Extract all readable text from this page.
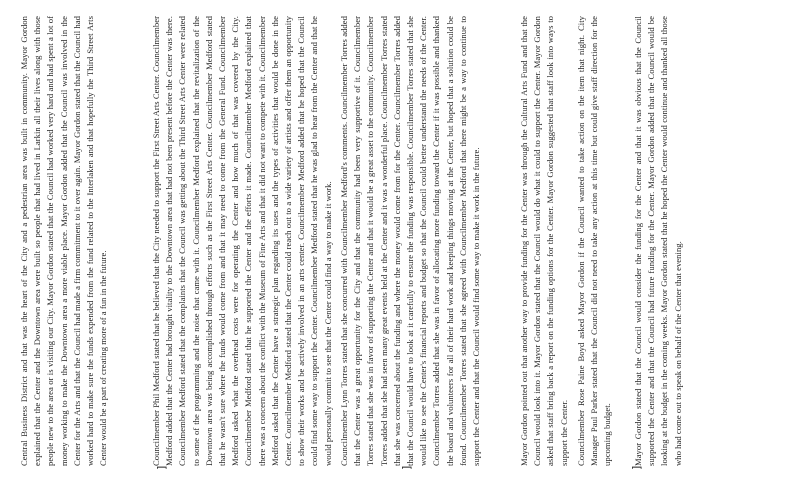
Central Business District and that was the heart of the City and a pedestrian area was built in community. Mayor Gordon explained that the Center and the Downtown area were built so people that had lived in Larkin all their lives along with those people new to the area or is visiting our City. Mayor Gordon stated that the Council had worked very hard and had spent a lot of money working to make the Downtown area a more viable place. Mayor Gordon added that the Council was involved in the Center for the Arts and that the Council had made a firm commitment to it over again. Mayor Gordon stated that the Council had worked hard to make sure the funds expended from the fund related to the Interlaken and that hopefully the Third Street Arts Center would be a part of creating more of a fun in the future.	Councilmember Phil Medford stated that he believed that the City needed to support the First Street Arts Center. Councilmember Medford added that the Center had brought vitality to the Downtown area that had not been present before the Center was there. Councilmember Medford stated that the complaints that the Council was getting about the Third Street Arts Center were related to some of the programming and the noise that came with it. Councilmember Medford explained that the revitalization of the Downtown area was being accomplished through efforts such as the First Street Arts Center. Councilmember Medford stated that he wasn't sure where the funds would come from and that it may need to come from the General Fund. Councilmember Medford asked what the overhead costs were for operating the Center and how much of that was covered by the City. Councilmember Medford stated that he supported the Center and the efforts it made. Councilmember Medford explained that there was a concern about the conflict with the Museum of Fine Arts and that it did not want to compete with it. Councilmember Medford asked that the Center have a strategic plan regarding its uses and the types of activities that would be done in the Center. Councilmember Medford stated that the Center could reach out to a wide variety of artists and offer them an opportunity to show their works and be actively involved in an arts center. Councilmember Medford added that he hoped that the Council could find some way to support the Center. Councilmember Medford stated that he was glad to hear from the Center and that he would personally commit to see that the Center could find a way to make it work. Councilmember Lynn Torres stated that she concurred with Councilmember Medford's comments. Councilmember Torres added that the Center was a great opportunity for the City and that the community had been very supportive of it. Councilmember Torres stated that she was in favor of supporting the Center and that it would be a great asset to the community. Councilmember Torres added that she had seen many great events held at the Center and it was a wonderful place. Councilmember Torres stated that she was concerned about the funding and where the money would come from for the Center. Councilmember Torres added that the Council would have to look at it carefully to ensure the funding was responsible. Councilmember Torres stated that she would like to see the Center's financial reports and budget so that the Council could better understand the needs of the Center. Councilmember Torres added that she was in favor of allocating more funding toward the Center if it was possible and thanked the board and volunteers for all of their hard work and keeping things moving at the Center, but hoped that a solution could be found. Councilmember Torres stated that she agreed with Councilmember Medford that there might be a way to continue to support the Center and that the Council would find some way to make it work in the future.	Mayor Gordon pointed out that another way to provide funding for the Center was through the Cultural Arts Fund and that the Council would look into it. Mayor Gordon stated that the Council would do what it could to support the Center. Mayor Gordon asked that staff bring back a report on the funding options for the Center. Mayor Gordon suggested that staff look into ways to support the Center. Councilmember Rose Paine Boyd asked Mayor Gordon if the Council wanted to take action on the item that night. City Manager Paul Parker stated that the Council did not need to take any action at this time but could give staff direction for the upcoming budget. Mayor Gordon stated that the Council would consider the funding for the Center and that it was obvious that the Council supported the Center and that the Council had future funding for the Center. Mayor Gordon added that the Council would be looking at the budget in the coming weeks. Mayor Gordon stated that he hoped the Center would continue and thanked all those who had come out to speak on behalf of the Center that evening.

]	]	]
